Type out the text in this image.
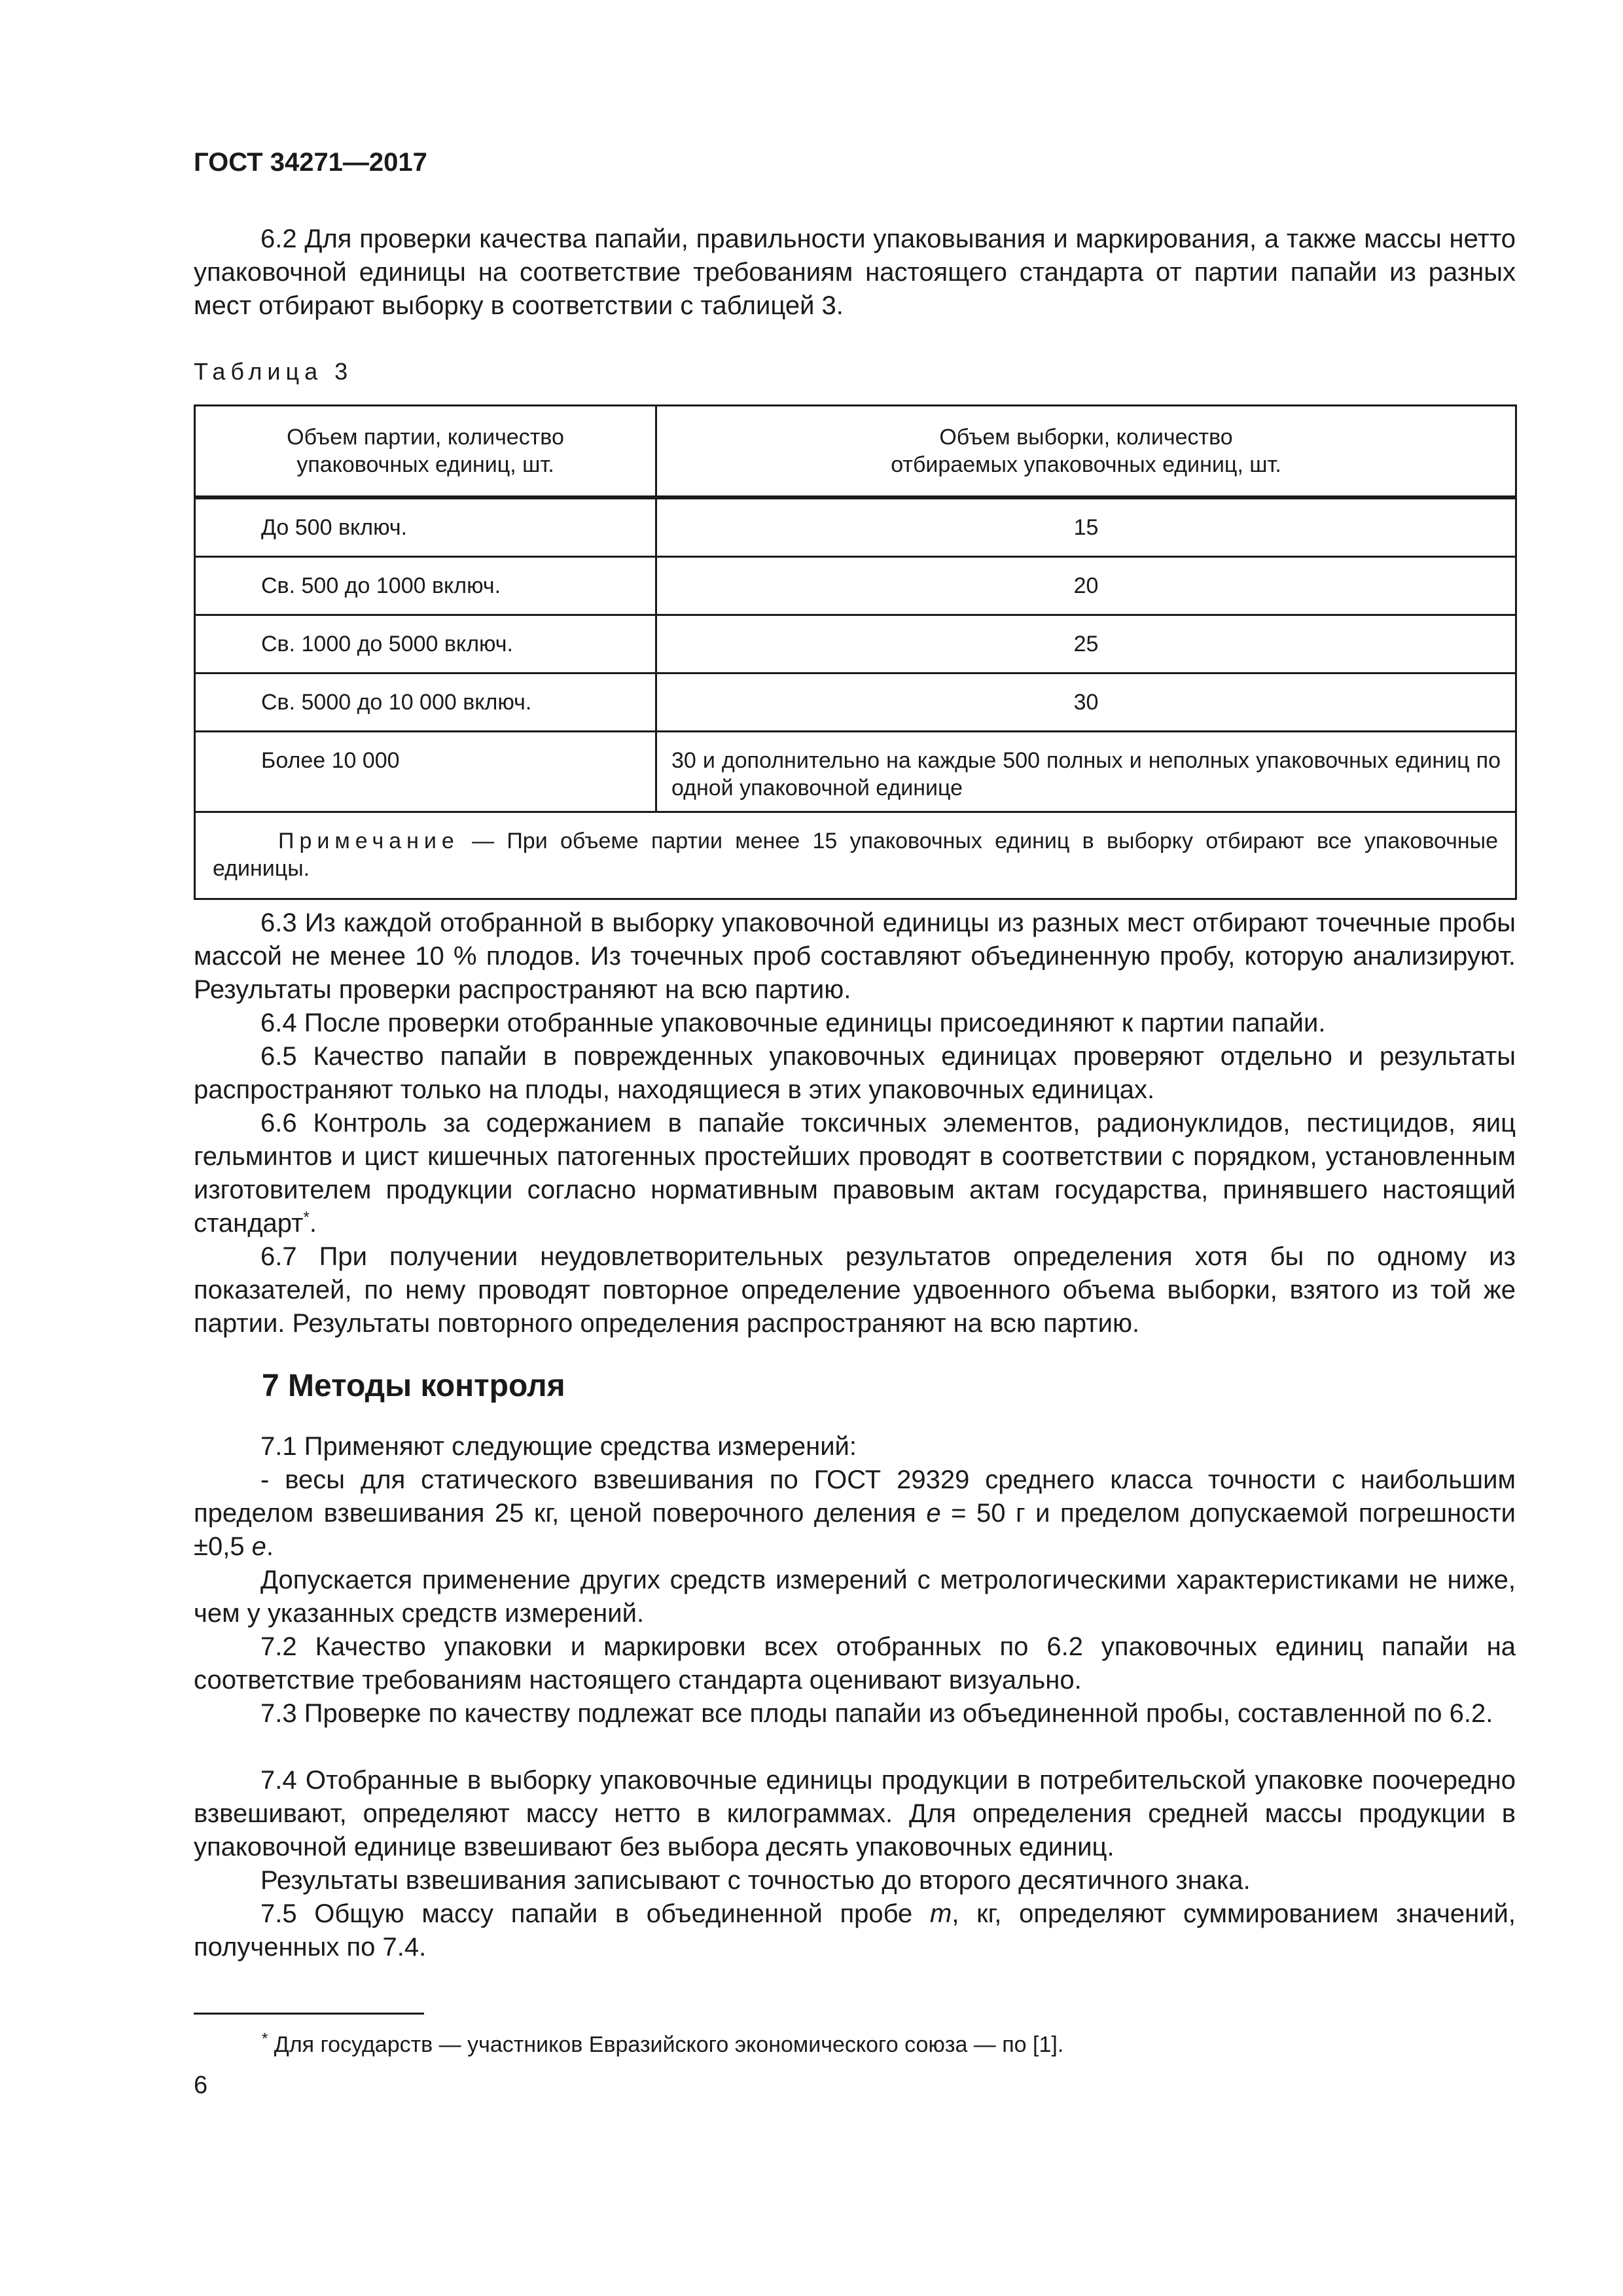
ГОСТ 34271—2017
6.2 Для проверки качества папайи, правильности упаковывания и маркирования, а также массы нетто упаковочной единицы на соответствие требованиям настоящего стандарта от партии папайи из разных мест отбирают выборку в соответствии с таблицей 3.
Таблица 3
Объем партии, количество упаковочных единиц, шт.	Объем выборки, количество отбираемых упаковочных единиц, шт.
До 500 включ.	15
Св. 500 до 1000 включ.	20
Св. 1000 до 5000 включ.	25
Св. 5000 до 10 000 включ.	30
Более 10 000	30 и дополнительно на каждые 500 полных и неполных упаковочных единиц по одной упаковочной единице
Примечание — При объеме партии менее 15 упаковочных единиц в выборку отбирают все упаковочные единицы.	
6.3 Из каждой отобранной в выборку упаковочной единицы из разных мест отбирают точечные пробы массой не менее 10 % плодов. Из точечных проб составляют объединенную пробу, которую анализируют. Результаты проверки распространяют на всю партию.
6.4 После проверки отобранные упаковочные единицы присоединяют к партии папайи.
6.5 Качество папайи в поврежденных упаковочных единицах проверяют отдельно и результаты распространяют только на плоды, находящиеся в этих упаковочных единицах.
6.6 Контроль за содержанием в папайе токсичных элементов, радионуклидов, пестицидов, яиц гельминтов и цист кишечных патогенных простейших проводят в соответствии с порядком, установленным изготовителем продукции согласно нормативным правовым актам государства, принявшего настоящий стандарт*.
6.7 При получении неудовлетворительных результатов определения хотя бы по одному из показателей, по нему проводят повторное определение удвоенного объема выборки, взятого из той же партии. Результаты повторного определения распространяют на всю партию.
7 Методы контроля
7.1 Применяют следующие средства измерений:
- весы для статического взвешивания по ГОСТ 29329 среднего класса точности с наибольшим пределом взвешивания 25 кг, ценой поверочного деления е = 50 г и пределом допускаемой погрешности ±0,5 е.
Допускается применение других средств измерений с метрологическими характеристиками не ниже, чем у указанных средств измерений.
7.2 Качество упаковки и маркировки всех отобранных по 6.2 упаковочных единиц папайи на соответствие требованиям настоящего стандарта оценивают визуально.
7.3 Проверке по качеству подлежат все плоды папайи из объединенной пробы, составленной по 6.2.
7.4 Отобранные в выборку упаковочные единицы продукции в потребительской упаковке поочередно взвешивают, определяют массу нетто в килограммах. Для определения средней массы продукции в упаковочной единице взвешивают без выбора десять упаковочных единиц.
Результаты взвешивания записывают с точностью до второго десятичного знака.
7.5 Общую массу папайи в объединенной пробе m, кг, определяют суммированием значений, полученных по 7.4.
* Для государств — участников Евразийского экономического союза — по [1].
6
